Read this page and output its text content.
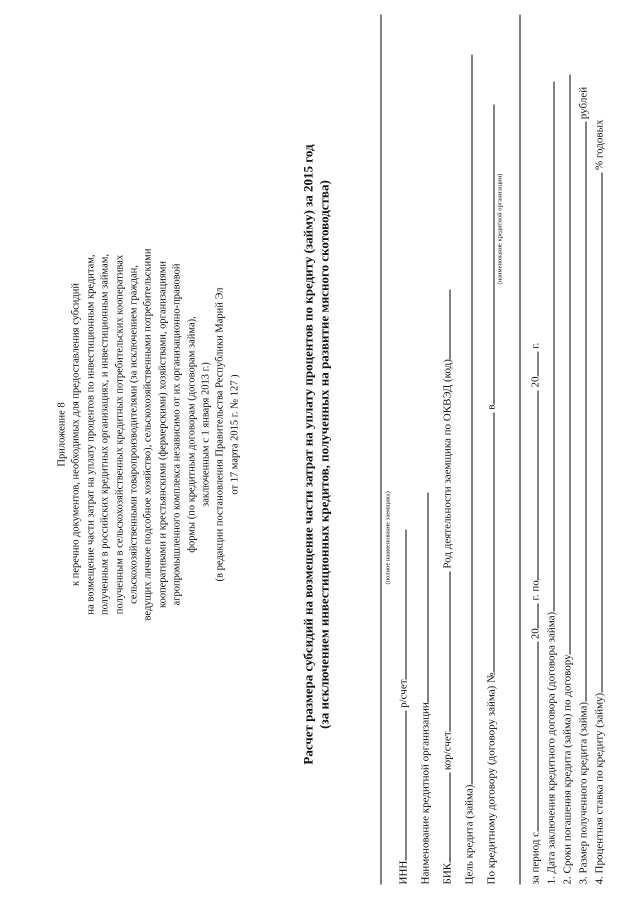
Приложение 8 к перечню документов, необходимых для предоставления субсидий на возмещение части затрат на уплату процентов по инвестиционным кредитам, полученным в российских кредитных организациях, и инвестиционным займам, полученным в сельскохозяйственных кредитных потребительских кооперативах сельскохозяйственными товаропроизводителями (за исключением граждан, ведущих личное подсобное хозяйство), сельскохозяйственными потребительскими кооперативами и крестьянскими (фермерскими) хозяйствами, организациями агропромышленного комплекса независимо от их организационно-правовой формы (по кредитным договорам (договорам займа), заключенным с 1 января 2013 г.) (в редакции постановления Правительства Республики Марий Эл от 17 марта 2015 г. № 127 )	Расчет размера субсидий на возмещение части затрат на уплату процентов по кредиту (займу) за 2015 год (за исключением инвестиционных кредитов, полученных на развитие мясного скотоводства)	(полное наименование заемщика)
ИНН р/счет
Наименование кредитной организации БИК кор/счет Род деятельности заемщика по ОКВЭД (код)
Цель кредита (займа) По кредитному договору (договору займа) № в
(наименование кредитной организации)
за период с 20 г. по 20 г.
1. Дата заключения кредитного договора (договора займа) 2. Сроки погашения кредита (займа) по договору 3. Размер полученного кредита (займа) рублей
4. Процентная ставка по кредиту (займу) % годовых
